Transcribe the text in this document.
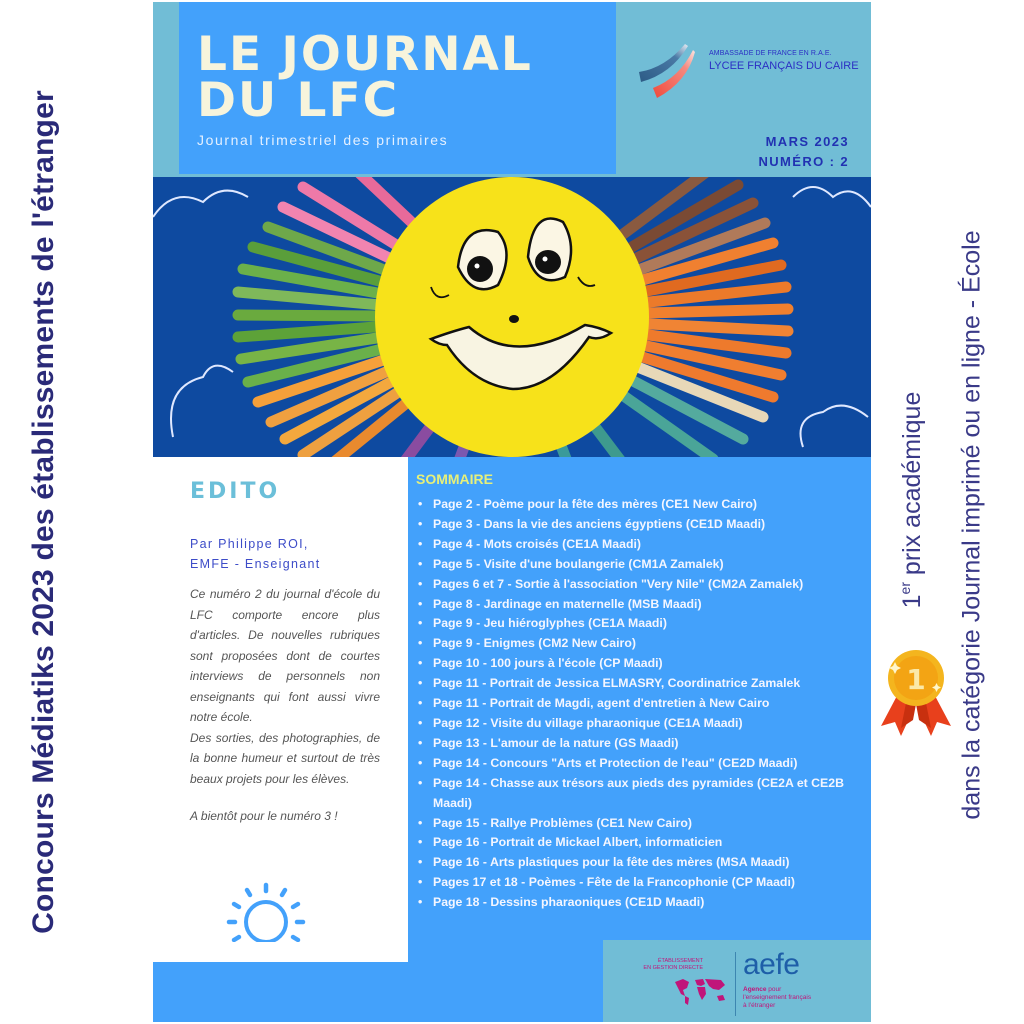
Concours Médiatiks 2023 des établissements de l'étranger	1er prix académique dans la catégorie Journal imprimé ou en ligne - École
1
LE JOURNAL
DU LFC
Journal trimestriel des primaires
AMBASSADE DE FRANCE EN R.A.E.
LYCEE FRANÇAIS DU CAIRE
MARS 2023
NUMÉRO : 2
EDITO
Par Philippe ROI,
EMFE - Enseignant

Ce numéro 2 du journal d'école du LFC comporte encore plus d'articles. De nouvelles rubriques sont proposées dont de courtes interviews de personnels non enseignants qui font aussi vivre notre école.

Des sorties, des photographies, de la bonne humeur et surtout de très beaux projets pour les élèves.

A bientôt pour le numéro 3 !
SOMMAIRE
• Page 2 - Poème pour la fête des mères (CE1 New Cairo)
• Page 3 - Dans la vie des anciens égyptiens (CE1D Maadi)
• Page 4 - Mots croisés (CE1A Maadi)
• Page 5 - Visite d'une boulangerie (CM1A Zamalek)
• Pages 6 et 7 - Sortie à l'association "Very Nile" (CM2A Zamalek)
• Page 8 - Jardinage en maternelle (MSB Maadi)
• Page 9 - Jeu hiéroglyphes (CE1A Maadi)
• Page 9 - Enigmes (CM2 New Cairo)
• Page 10 - 100 jours à l'école (CP Maadi)
• Page 11 - Portrait de Jessica ELMASRY, Coordinatrice Zamalek
• Page 11 - Portrait de Magdi, agent d'entretien à New Cairo
• Page 12 - Visite du village pharaonique (CE1A Maadi)
• Page 13 - L'amour de la nature (GS Maadi)
• Page 14 - Concours "Arts et Protection de l'eau" (CE2D Maadi)
• Page 14 - Chasse aux trésors aux pieds des pyramides (CE2A et CE2B Maadi)
• Page 15 - Rallye Problèmes (CE1 New Cairo)
• Page 16 - Portrait de Mickael Albert, informaticien
• Page 16 - Arts plastiques pour la fête des mères (MSA Maadi)
• Pages 17 et 18 - Poèmes - Fête de la Francophonie (CP Maadi)
• Page 18 - Dessins pharaoniques (CE1D Maadi)
ÉTABLISSEMENT
EN GESTION DIRECTE aefe
Agence pour
l'enseignement français
à l'étranger
